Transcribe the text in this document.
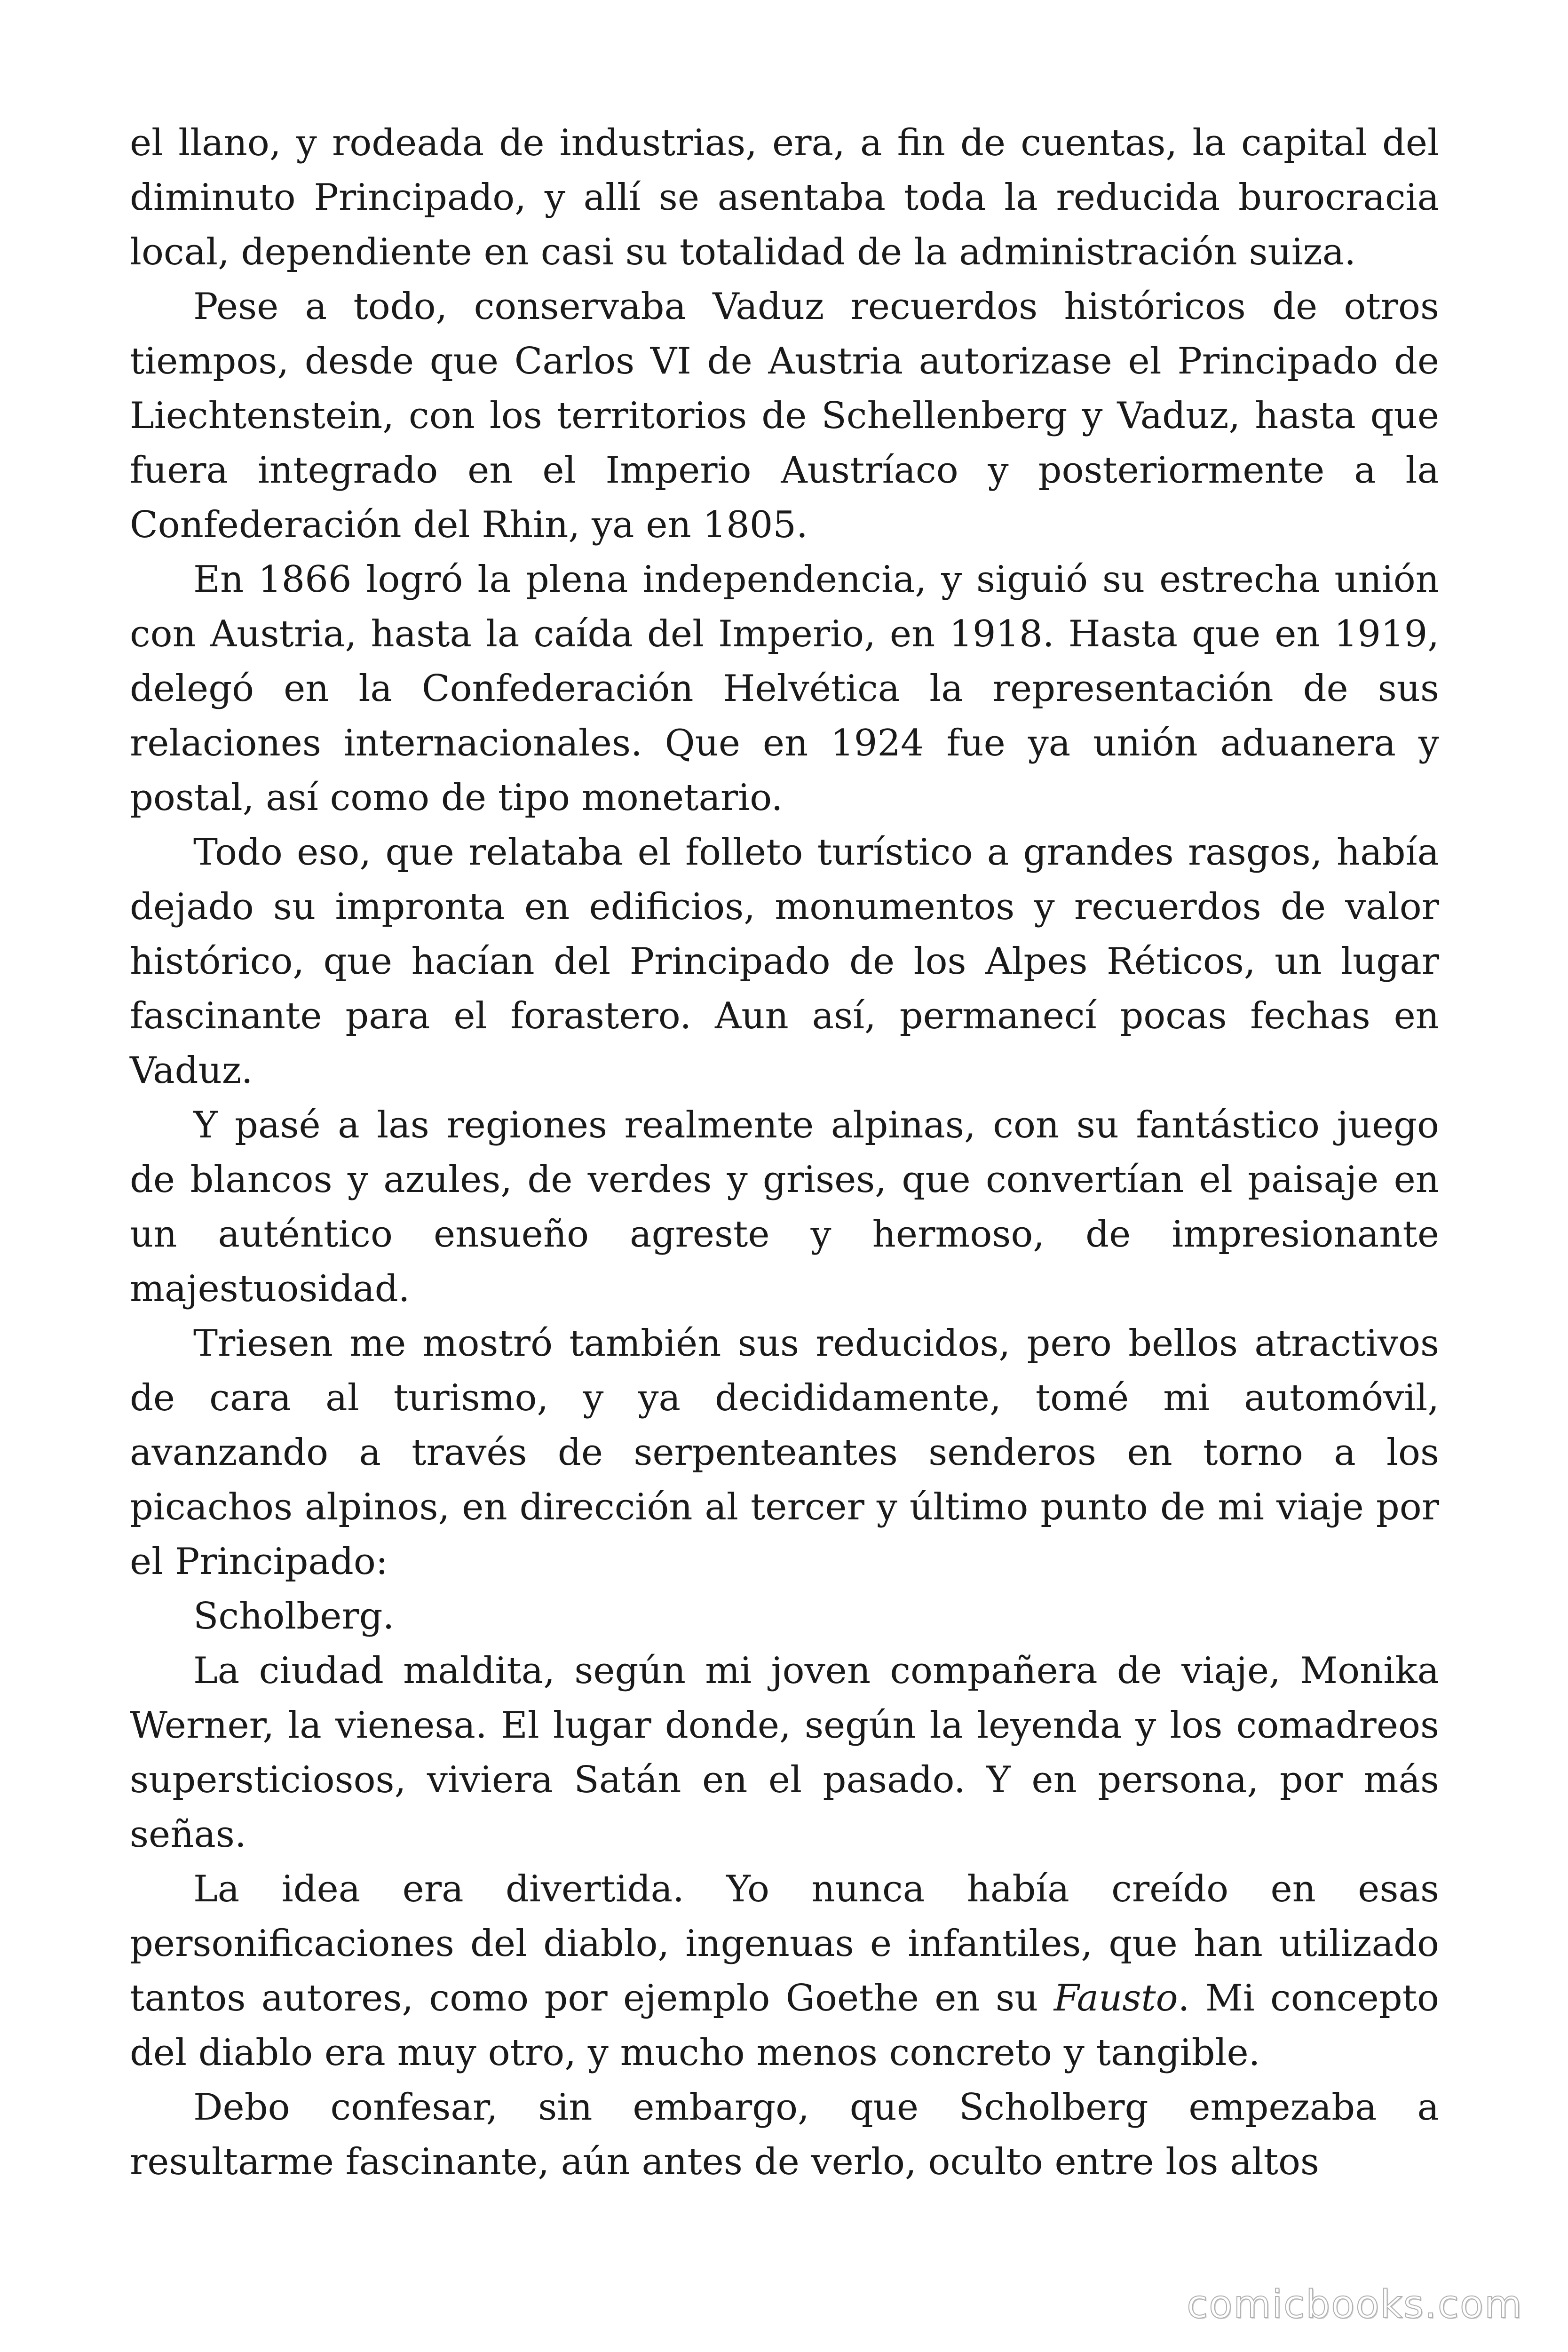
el llano, y rodeada de industrias, era, a fin de cuentas, la capital del diminuto Principado, y allí se asentaba toda la reducida burocracia local, dependiente en casi su totalidad de la administración suiza.

Pese a todo, conservaba Vaduz recuerdos históricos de otros tiempos, desde que Carlos VI de Austria autorizase el Principado de Liechtenstein, con los territorios de Schellenberg y Vaduz, hasta que fuera integrado en el Imperio Austríaco y posteriormente a la Confederación del Rhin, ya en 1805.

En 1866 logró la plena independencia, y siguió su estrecha unión con Austria, hasta la caída del Imperio, en 1918. Hasta que en 1919, delegó en la Confederación Helvética la representación de sus relaciones internacionales. Que en 1924 fue ya unión aduanera y postal, así como de tipo monetario.

Todo eso, que relataba el folleto turístico a grandes rasgos, había dejado su impronta en edificios, monumentos y recuerdos de valor histórico, que hacían del Principado de los Alpes Réticos, un lugar fascinante para el forastero. Aun así, permanecí pocas fechas en Vaduz.

Y pasé a las regiones realmente alpinas, con su fantástico juego de blancos y azules, de verdes y grises, que convertían el paisaje en un auténtico ensueño agreste y hermoso, de impresionante majestuosidad.

Triesen me mostró también sus reducidos, pero bellos atractivos de cara al turismo, y ya decididamente, tomé mi automóvil, avanzando a través de serpenteantes senderos en torno a los picachos alpinos, en dirección al tercer y último punto de mi viaje por el Principado:

Scholberg.

La ciudad maldita, según mi joven compañera de viaje, Monika Werner, la vienesa. El lugar donde, según la leyenda y los comadreos supersticiosos, viviera Satán en el pasado. Y en persona, por más señas.

La idea era divertida. Yo nunca había creído en esas personificaciones del diablo, ingenuas e infantiles, que han utilizado tantos autores, como por ejemplo Goethe en su Fausto. Mi concepto del diablo era muy otro, y mucho menos concreto y tangible.

Debo confesar, sin embargo, que Scholberg empezaba a resultarme fascinante, aún antes de verlo, oculto entre los altos

comicbooks.com
